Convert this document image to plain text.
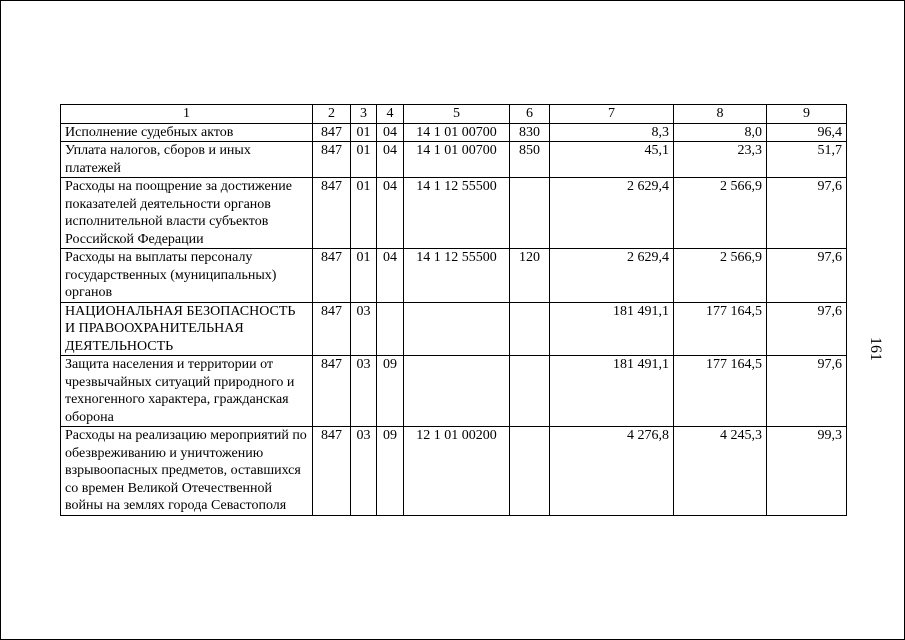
1	2	3	4	5	6	7	8	9
Исполнение судебных актов	847	01	04	14 1 01 00700	830	8,3	8,0	96,4
Уплата налогов, сборов и иных платежей	847	01	04	14 1 01 00700	850	45,1	23,3	51,7
Расходы на поощрение за достижение показателей деятельности органов исполнительной власти субъектов Российской Федерации	847	01	04	14 1 12 55500		2 629,4	2 566,9	97,6
Расходы на выплаты персоналу государственных (муниципальных) органов	847	01	04	14 1 12 55500	120	2 629,4	2 566,9	97,6
НАЦИОНАЛЬНАЯ БЕЗОПАСНОСТЬ И ПРАВООХРАНИТЕЛЬНАЯ ДЕЯТЕЛЬНОСТЬ	847	03				181 491,1	177 164,5	97,6
Защита населения и территории от чрезвычайных ситуаций природного и техногенного характера, гражданская оборона	847	03	09			181 491,1	177 164,5	97,6
Расходы на реализацию мероприятий по обезвреживанию и уничтожению взрывоопасных предметов, оставшихся со времен Великой Отечественной войны на землях города Севастополя	847	03	09	12 1 01 00200		4 276,8	4 245,3	99,3
161
